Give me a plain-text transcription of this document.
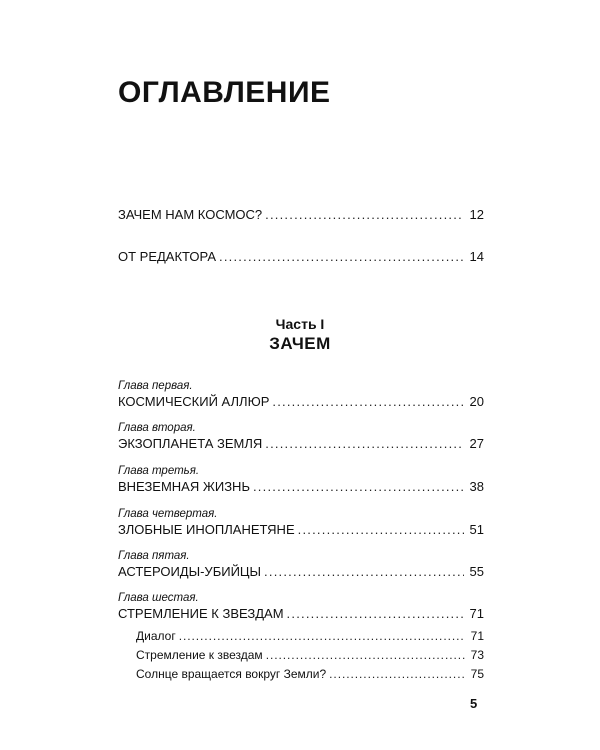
ОГЛАВЛЕНИЕ
ЗАЧЕМ НАМ КОСМОС? . . .	12
ОТ РЕДАКТОРА . . .	14
Часть I
ЗАЧЕМ
Глава первая.
КОСМИЧЕСКИЙ АЛЛЮР . . .	20
Глава вторая.
ЭКЗОПЛАНЕТА ЗЕМЛЯ . . .	27
Глава третья.
ВНЕЗЕМНАЯ ЖИЗНЬ . . .	38
Глава четвертая.
ЗЛОБНЫЕ ИНОПЛАНЕТЯНЕ . . .	51
Глава пятая.
АСТЕРОИДЫ-УБИЙЦЫ . . .	55
Глава шестая.
СТРЕМЛЕНИЕ К ЗВЕЗДАМ . . .	71
Диалог . . .	71
Стремление к звездам . . .	73
Солнце вращается вокруг Земли? . . .	75
5
